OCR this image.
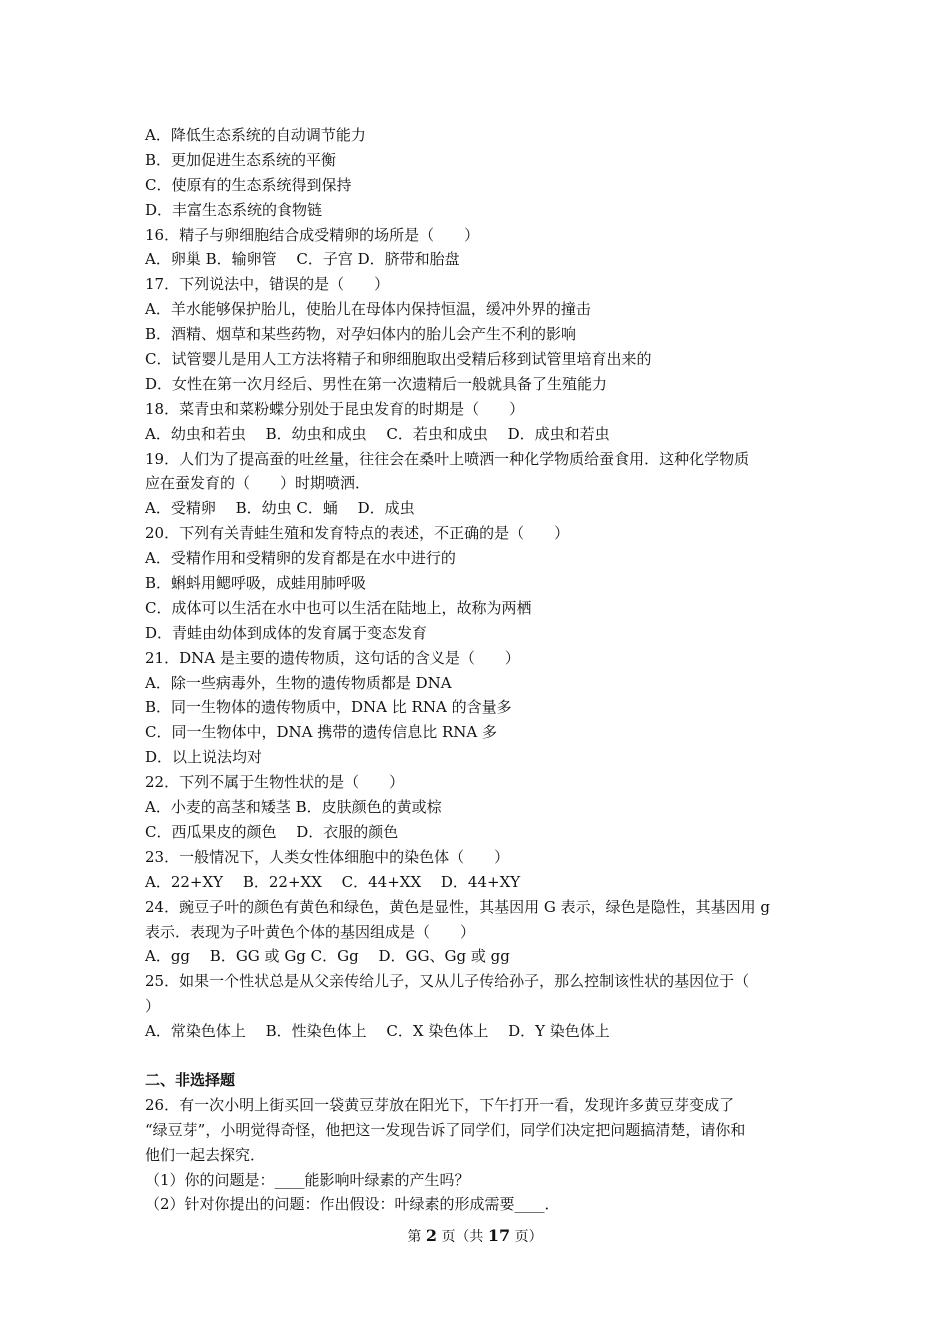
A．降低生态系统的自动调节能力
B．更加促进生态系统的平衡
C．使原有的生态系统得到保持
D．丰富生态系统的食物链
16．精子与卵细胞结合成受精卵的场所是（　　）
A．卵巢 B．输卵管　 C．子宫 D．脐带和胎盘
17．下列说法中，错误的是（　　）
A．羊水能够保护胎儿，使胎儿在母体内保持恒温，缓冲外界的撞击
B．酒精、烟草和某些药物，对孕妇体内的胎儿会产生不利的影响
C．试管婴儿是用人工方法将精子和卵细胞取出受精后移到试管里培育出来的
D．女性在第一次月经后、男性在第一次遗精后一般就具备了生殖能力
18．菜青虫和菜粉蝶分别处于昆虫发育的时期是（　　）
A．幼虫和若虫　 B．幼虫和成虫　 C．若虫和成虫　 D．成虫和若虫
19．人们为了提高蚕的吐丝量，往往会在桑叶上喷洒一种化学物质给蚕食用．这种化学物质
应在蚕发育的（　　）时期喷洒．
A．受精卵　 B．幼虫 C．蛹　 D．成虫
20．下列有关青蛙生殖和发育特点的表述，不正确的是（　　）
A．受精作用和受精卵的发育都是在水中进行的
B．蝌蚪用鳃呼吸，成蛙用肺呼吸
C．成体可以生活在水中也可以生活在陆地上，故称为两栖
D．青蛙由幼体到成体的发育属于变态发育
21．DNA 是主要的遗传物质，这句话的含义是（　　）
A．除一些病毒外，生物的遗传物质都是 DNA
B．同一生物体的遗传物质中，DNA 比 RNA 的含量多
C．同一生物体中，DNA 携带的遗传信息比 RNA 多
D．以上说法均对
22．下列不属于生物性状的是（　　）
A．小麦的高茎和矮茎 B．皮肤颜色的黄或棕
C．西瓜果皮的颜色　 D．衣服的颜色
23．一般情况下，人类女性体细胞中的染色体（　　）
A．22+XY　 B．22+XX　 C．44+XX　 D．44+XY
24．豌豆子叶的颜色有黄色和绿色，黄色是显性，其基因用 G 表示，绿色是隐性，其基因用 g
表示．表现为子叶黄色个体的基因组成是（　　）
A．gg　 B．GG 或 Gg C．Gg　 D．GG、Gg 或 gg
25．如果一个性状总是从父亲传给儿子，又从儿子传给孙子，那么控制该性状的基因位于（
）
A．常染色体上　 B．性染色体上　 C．X 染色体上　 D．Y 染色体上
二、非选择题
26．有一次小明上街买回一袋黄豆芽放在阳光下，下午打开一看，发现许多黄豆芽变成了
“绿豆芽”，小明觉得奇怪，他把这一发现告诉了同学们，同学们决定把问题搞清楚，请你和
他们一起去探究．
（1）你的问题是：____能影响叶绿素的产生吗？
（2）针对你提出的问题：作出假设：叶绿素的形成需要____．
第 2 页（共 17 页）
